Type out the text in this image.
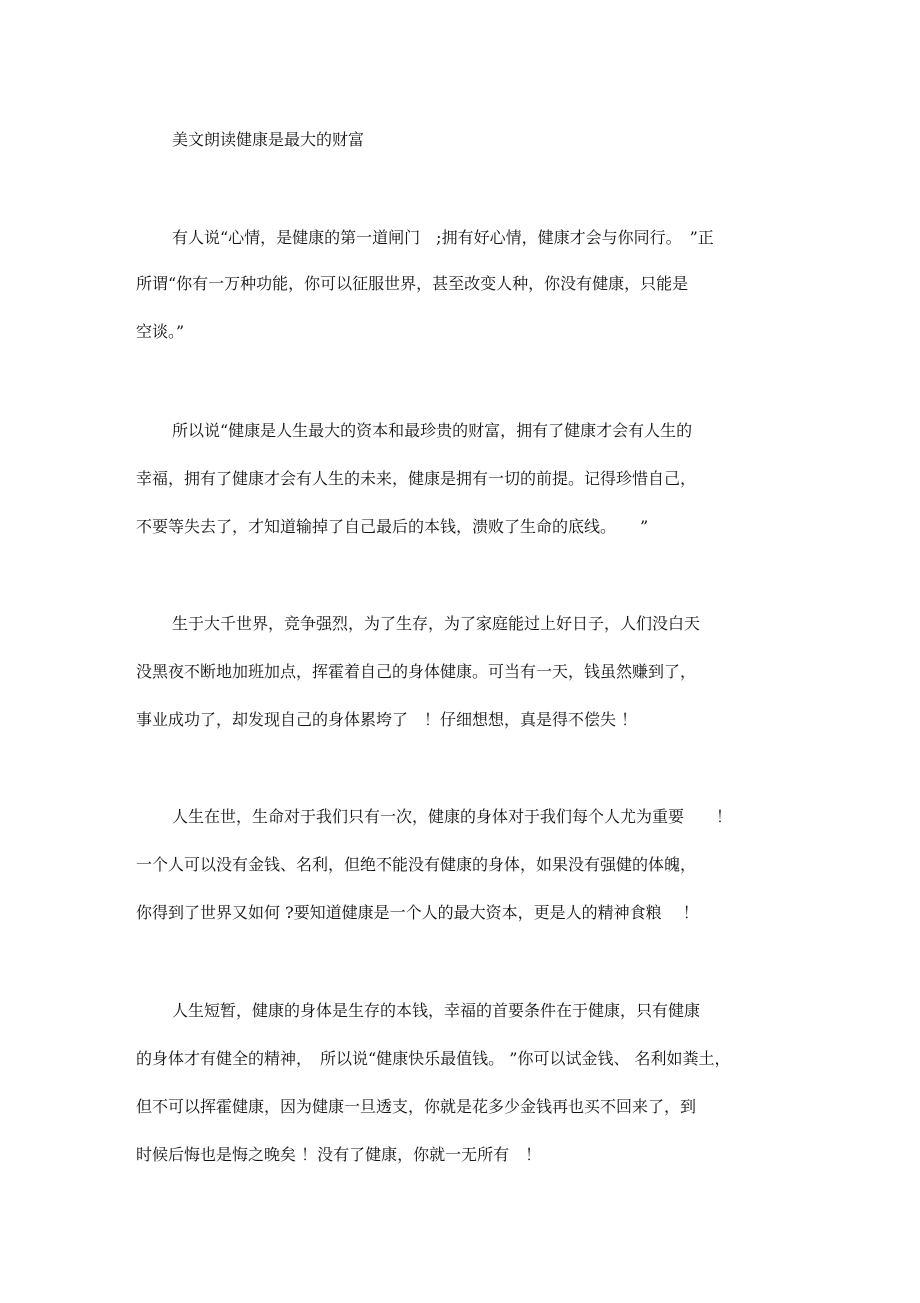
美文朗读健康是最大的财富
有人说“心情，是健康的第一道闸门　;拥有好心情，健康才会与你同行。　”正
所谓“你有一万种功能，你可以征服世界，甚至改变人种，你没有健康，只能是
空谈。”
所以说“健康是人生最大的资本和最珍贵的财富，拥有了健康才会有人生的
幸福，拥有了健康才会有人生的未来，健康是拥有一切的前提。记得珍惜自己，
不要等失去了，才知道输掉了自己最后的本钱，溃败了生命的底线。　　”
生于大千世界，竞争强烈，为了生存，为了家庭能过上好日子，人们没白天
没黑夜不断地加班加点，挥霍着自己的身体健康。可当有一天，钱虽然赚到了，
事业成功了，却发现自己的身体累垮了　！仔细想想，真是得不偿失 ！
人生在世，生命对于我们只有一次，健康的身体对于我们每个人尤为重要　　！
一个人可以没有金钱、名利，但绝不能没有健康的身体，如果没有强健的体魄，
你得到了世界又如何 ?要知道健康是一个人的最大资本，更是人的精神食粮　 ！
人生短暂，健康的身体是生存的本钱，幸福的首要条件在于健康，只有健康
的身体才有健全的精神，　所以说“健康快乐最值钱。 ”你可以试金钱、 名利如粪土，
但不可以挥霍健康，因为健康一旦透支，你就是花多少金钱再也买不回来了，到
时候后悔也是悔之晚矣 ！没有了健康，你就一无所有　！
